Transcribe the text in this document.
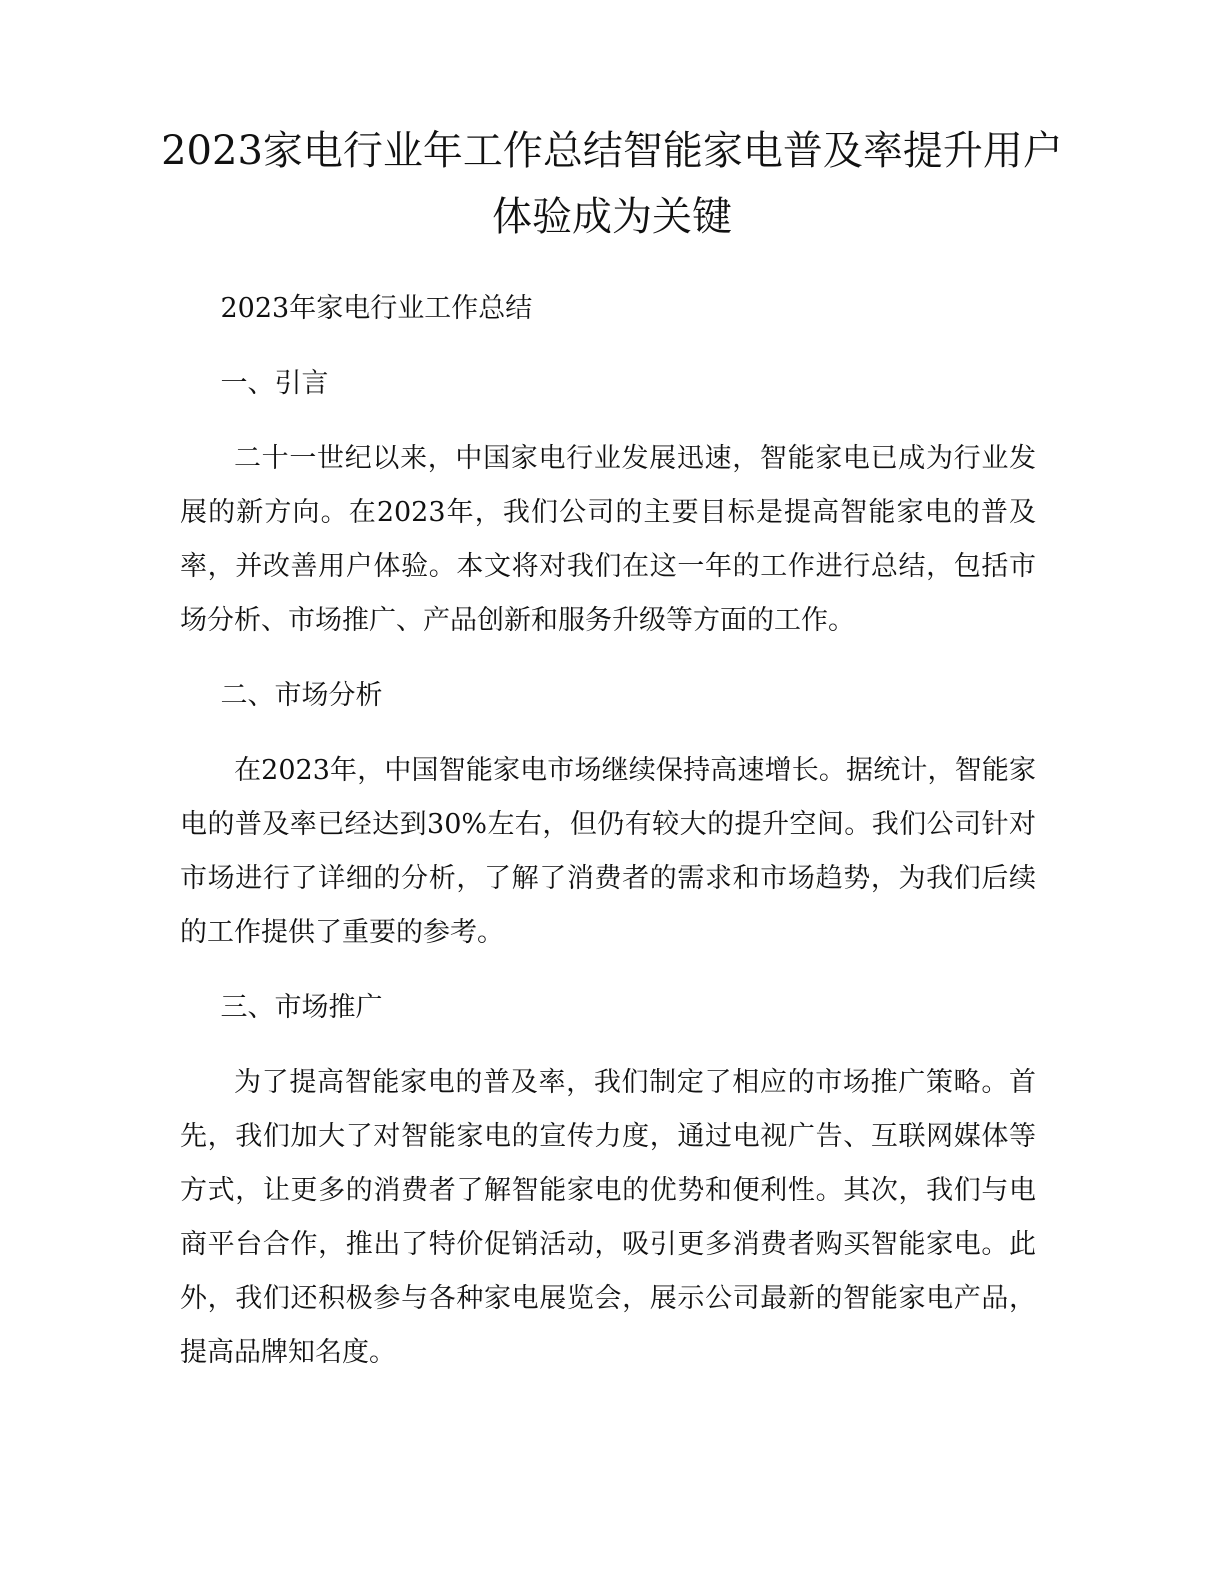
2023家电行业年工作总结智能家电普及率提升用户体验成为关键

2023年家电行业工作总结

一、引言

二十一世纪以来，中国家电行业发展迅速，智能家电已成为行业发展的新方向。在2023年，我们公司的主要目标是提高智能家电的普及率，并改善用户体验。本文将对我们在这一年的工作进行总结，包括市场分析、市场推广、产品创新和服务升级等方面的工作。

二、市场分析

在2023年，中国智能家电市场继续保持高速增长。据统计，智能家电的普及率已经达到30%左右，但仍有较大的提升空间。我们公司针对市场进行了详细的分析，了解了消费者的需求和市场趋势，为我们后续的工作提供了重要的参考。

三、市场推广

为了提高智能家电的普及率，我们制定了相应的市场推广策略。首先，我们加大了对智能家电的宣传力度，通过电视广告、互联网媒体等方式，让更多的消费者了解智能家电的优势和便利性。其次，我们与电商平台合作，推出了特价促销活动，吸引更多消费者购买智能家电。此外，我们还积极参与各种家电展览会，展示公司最新的智能家电产品，提高品牌知名度。
